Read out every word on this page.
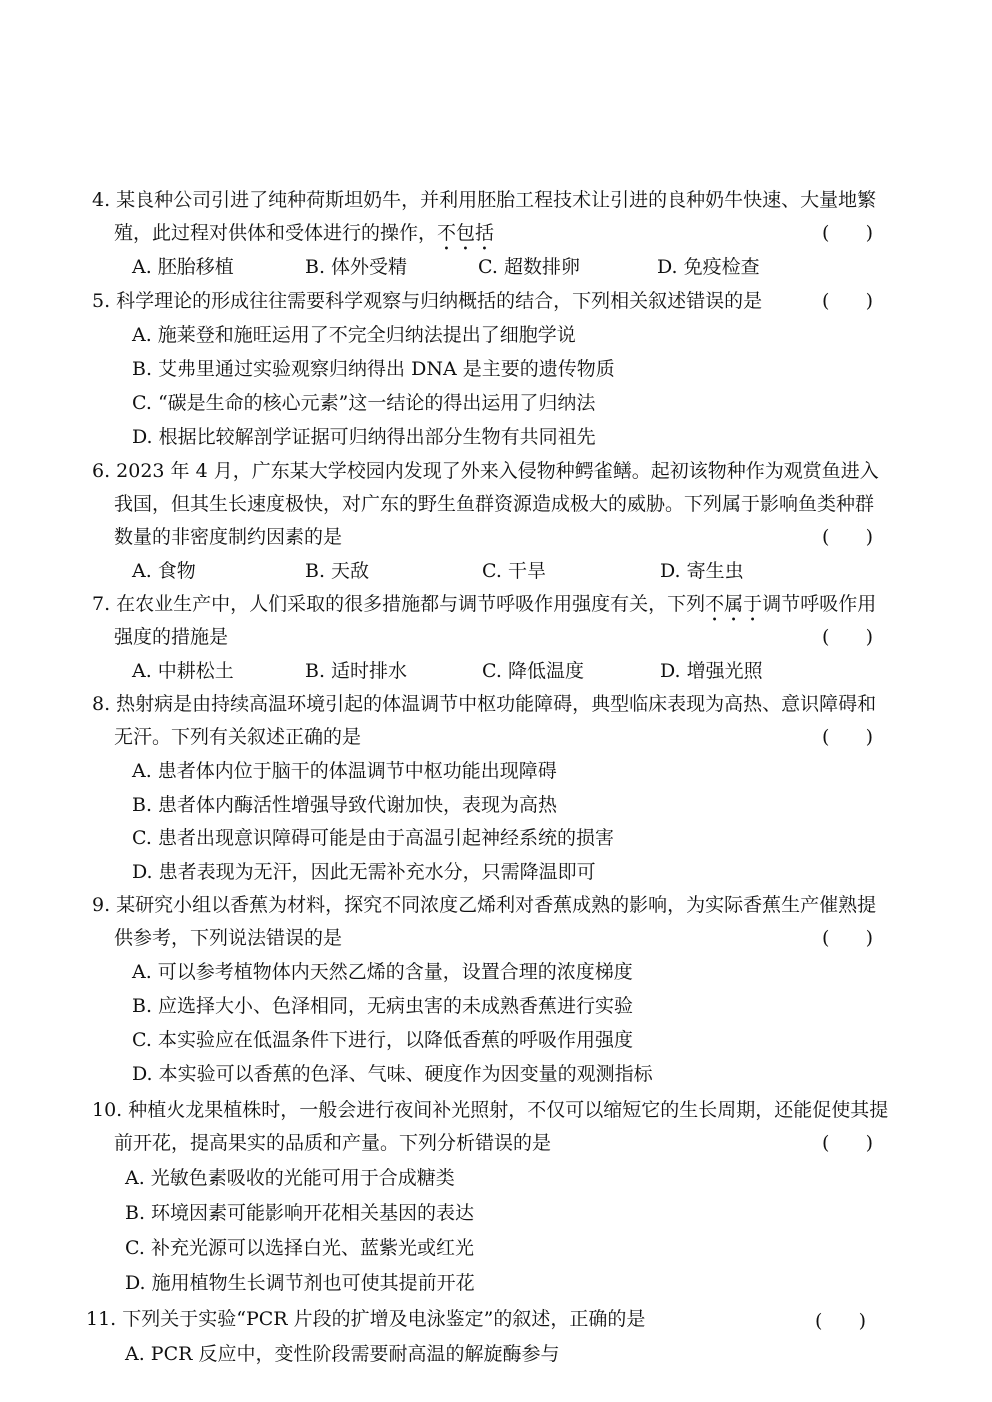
4. 某良种公司引进了纯种荷斯坦奶牛，并利用胚胎工程技术让引进的良种奶牛快速、大量地繁
殖，此过程对供体和受体进行的操作，不包括	(      )
A. 胚胎移植	B. 体外受精	C. 超数排卵	D. 免疫检查
5. 科学理论的形成往往需要科学观察与归纳概括的结合，下列相关叙述错误的是	(      )
A. 施莱登和施旺运用了不完全归纳法提出了细胞学说
B. 艾弗里通过实验观察归纳得出 DNA 是主要的遗传物质
C. “碳是生命的核心元素”这一结论的得出运用了归纳法
D. 根据比较解剖学证据可归纳得出部分生物有共同祖先
6. 2023 年 4 月，广东某大学校园内发现了外来入侵物种鳄雀鳝。起初该物种作为观赏鱼进入
我国，但其生长速度极快，对广东的野生鱼群资源造成极大的威胁。下列属于影响鱼类种群
数量的非密度制约因素的是	(      )
A. 食物	B. 天敌	C. 干旱	D. 寄生虫
7. 在农业生产中，人们采取的很多措施都与调节呼吸作用强度有关，下列不属于调节呼吸作用
强度的措施是	(      )
A. 中耕松土	B. 适时排水	C. 降低温度	D. 增强光照
8. 热射病是由持续高温环境引起的体温调节中枢功能障碍，典型临床表现为高热、意识障碍和
无汗。下列有关叙述正确的是	(      )
A. 患者体内位于脑干的体温调节中枢功能出现障碍
B. 患者体内酶活性增强导致代谢加快，表现为高热
C. 患者出现意识障碍可能是由于高温引起神经系统的损害
D. 患者表现为无汗，因此无需补充水分，只需降温即可
9. 某研究小组以香蕉为材料，探究不同浓度乙烯利对香蕉成熟的影响，为实际香蕉生产催熟提
供参考，下列说法错误的是	(      )
A. 可以参考植物体内天然乙烯的含量，设置合理的浓度梯度
B. 应选择大小、色泽相同，无病虫害的未成熟香蕉进行实验
C. 本实验应在低温条件下进行，以降低香蕉的呼吸作用强度
D. 本实验可以香蕉的色泽、气味、硬度作为因变量的观测指标
10. 种植火龙果植株时，一般会进行夜间补光照射，不仅可以缩短它的生长周期，还能促使其提
前开花，提高果实的品质和产量。下列分析错误的是	(      )
A. 光敏色素吸收的光能可用于合成糖类
B. 环境因素可能影响开花相关基因的表达
C. 补充光源可以选择白光、蓝紫光或红光
D. 施用植物生长调节剂也可使其提前开花
11. 下列关于实验“PCR 片段的扩增及电泳鉴定”的叙述，正确的是	(      )
A. PCR 反应中，变性阶段需要耐高温的解旋酶参与
